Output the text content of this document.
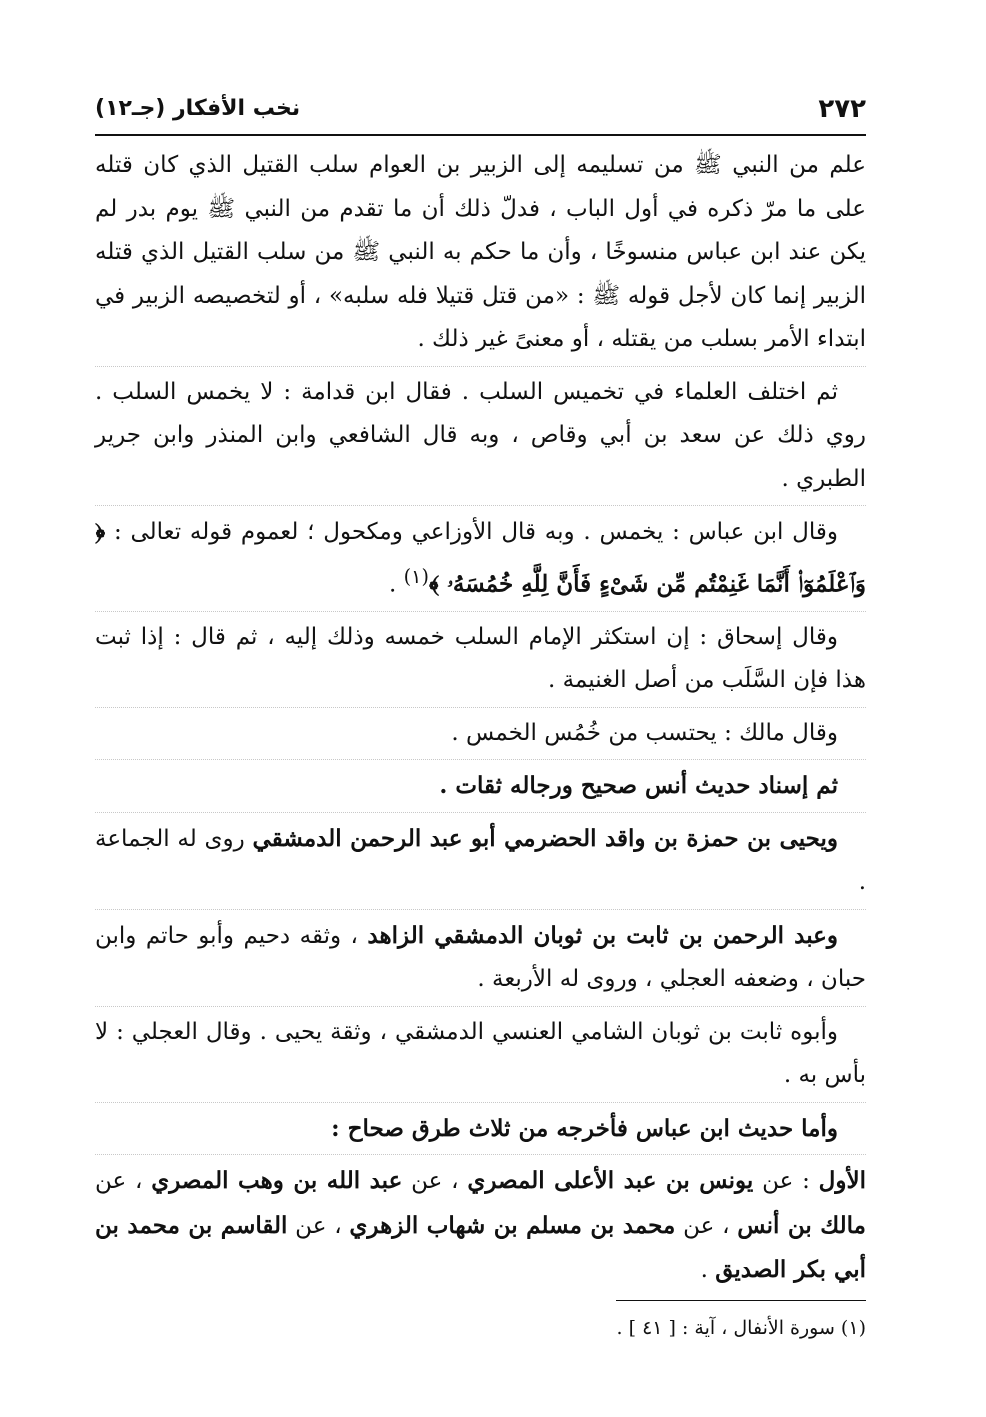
٢٧٢
نخب الأفكار (جـ١٢)

علم من النبي ﷺ من تسليمه إلى الزبير بن العوام سلب القتيل الذي كان قتله على ما مرّ ذكره في أول الباب ، فدلّ ذلك أن ما تقدم من النبي ﷺ يوم بدر لم يكن عند ابن عباس منسوخًا ، وأن ما حكم به النبي ﷺ من سلب القتيل الذي قتله الزبير إنما كان لأجل قوله ﷺ : «من قتل قتيلا فله سلبه» ، أو لتخصيصه الزبير في ابتداء الأمر بسلب من يقتله ، أو معنىً غير ذلك .

ثم اختلف العلماء في تخميس السلب . فقال ابن قدامة : لا يخمس السلب . روي ذلك عن سعد بن أبي وقاص ، وبه قال الشافعي وابن المنذر وابن جرير الطبري .

وقال ابن عباس : يخمس . وبه قال الأوزاعي ومكحول ؛ لعموم قوله تعالى : ﴿ وَٱعْلَمُوٓا۟ أَنَّمَا غَنِمْتُم مِّن شَىْءٍ فَأَنَّ لِلَّهِ خُمُسَهُۥ ﴾$^{(١)}$ .

وقال إسحاق : إن استكثر الإمام السلب خمسه وذلك إليه ، ثم قال : إذا ثبت هذا فإن السَّلَب من أصل الغنيمة .

وقال مالك : يحتسب من خُمُس الخمس .

ثم إسناد حديث أنس صحيح ورجاله ثقات .

ويحيى بن حمزة بن واقد الحضرمي أبو عبد الرحمن الدمشقي روى له الجماعة .

وعبد الرحمن بن ثابت بن ثوبان الدمشقي الزاهد ، وثقه دحيم وأبو حاتم وابن حبان ، وضعفه العجلي ، وروى له الأربعة .

وأبوه ثابت بن ثوبان الشامي العنسي الدمشقي ، وثقة يحيى . وقال العجلي : لا بأس به .

وأما حديث ابن عباس فأخرجه من ثلاث طرق صحاح :

الأول : عن يونس بن عبد الأعلى المصري ، عن عبد الله بن وهب المصري ، عن مالك بن أنس ، عن محمد بن مسلم بن شهاب الزهري ، عن القاسم بن محمد بن أبي بكر الصديق .

(١) سورة الأنفال ، آية : [ ٤١ ] .
